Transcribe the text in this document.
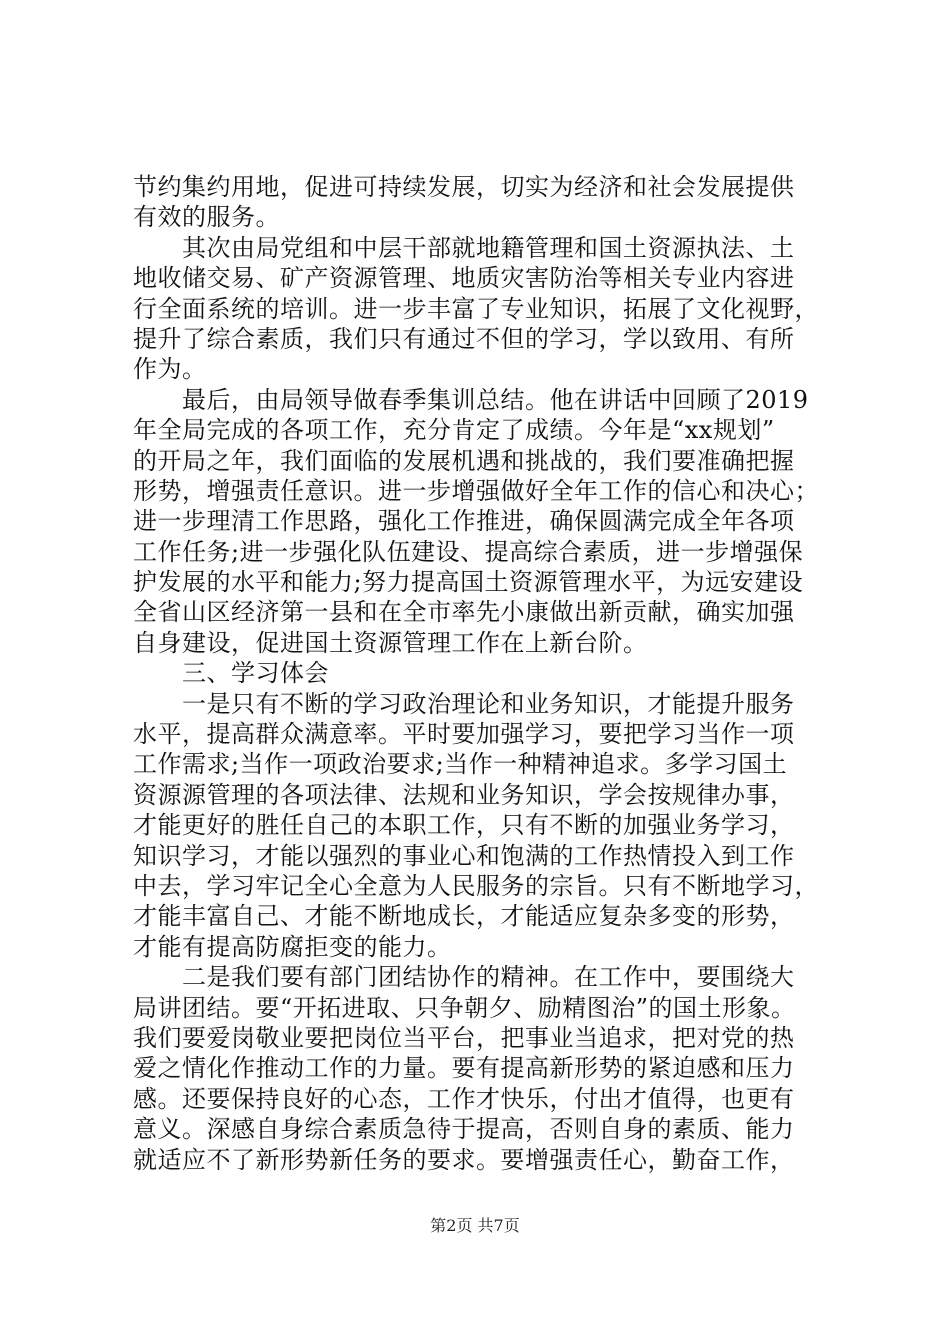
节约集约用地，促进可持续发展，切实为经济和社会发展提供
有效的服务。
　　其次由局党组和中层干部就地籍管理和国土资源执法、土
地收储交易、矿产资源管理、地质灾害防治等相关专业内容进
行全面系统的培训。进一步丰富了专业知识，拓展了文化视野，
提升了综合素质，我们只有通过不但的学习，学以致用、有所
作为。
　　最后，由局领导做春季集训总结。他在讲话中回顾了2019
年全局完成的各项工作，充分肯定了成绩。今年是“xx规划”
的开局之年，我们面临的发展机遇和挑战的，我们要准确把握
形势，增强责任意识。进一步增强做好全年工作的信心和决心；
进一步理清工作思路，强化工作推进，确保圆满完成全年各项
工作任务;进一步强化队伍建设、提高综合素质，进一步增强保
护发展的水平和能力;努力提高国土资源管理水平，为远安建设
全省山区经济第一县和在全市率先小康做出新贡献，确实加强
自身建设，促进国土资源管理工作在上新台阶。
　　三、学习体会
　　一是只有不断的学习政治理论和业务知识，才能提升服务
水平，提高群众满意率。平时要加强学习，要把学习当作一项
工作需求;当作一项政治要求;当作一种精神追求。多学习国土
资源源管理的各项法律、法规和业务知识，学会按规律办事，
才能更好的胜任自己的本职工作，只有不断的加强业务学习，
知识学习，才能以强烈的事业心和饱满的工作热情投入到工作
中去，学习牢记全心全意为人民服务的宗旨。只有不断地学习，
才能丰富自己、才能不断地成长，才能适应复杂多变的形势，
才能有提高防腐拒变的能力。
　　二是我们要有部门团结协作的精神。在工作中，要围绕大
局讲团结。要“开拓进取、只争朝夕、励精图治”的国土形象。
我们要爱岗敬业要把岗位当平台，把事业当追求，把对党的热
爱之情化作推动工作的力量。要有提高新形势的紧迫感和压力
感。还要保持良好的心态，工作才快乐，付出才值得，也更有
意义。深感自身综合素质急待于提高，否则自身的素质、能力
就适应不了新形势新任务的要求。要增强责任心，勤奋工作，
第2页 共7页
